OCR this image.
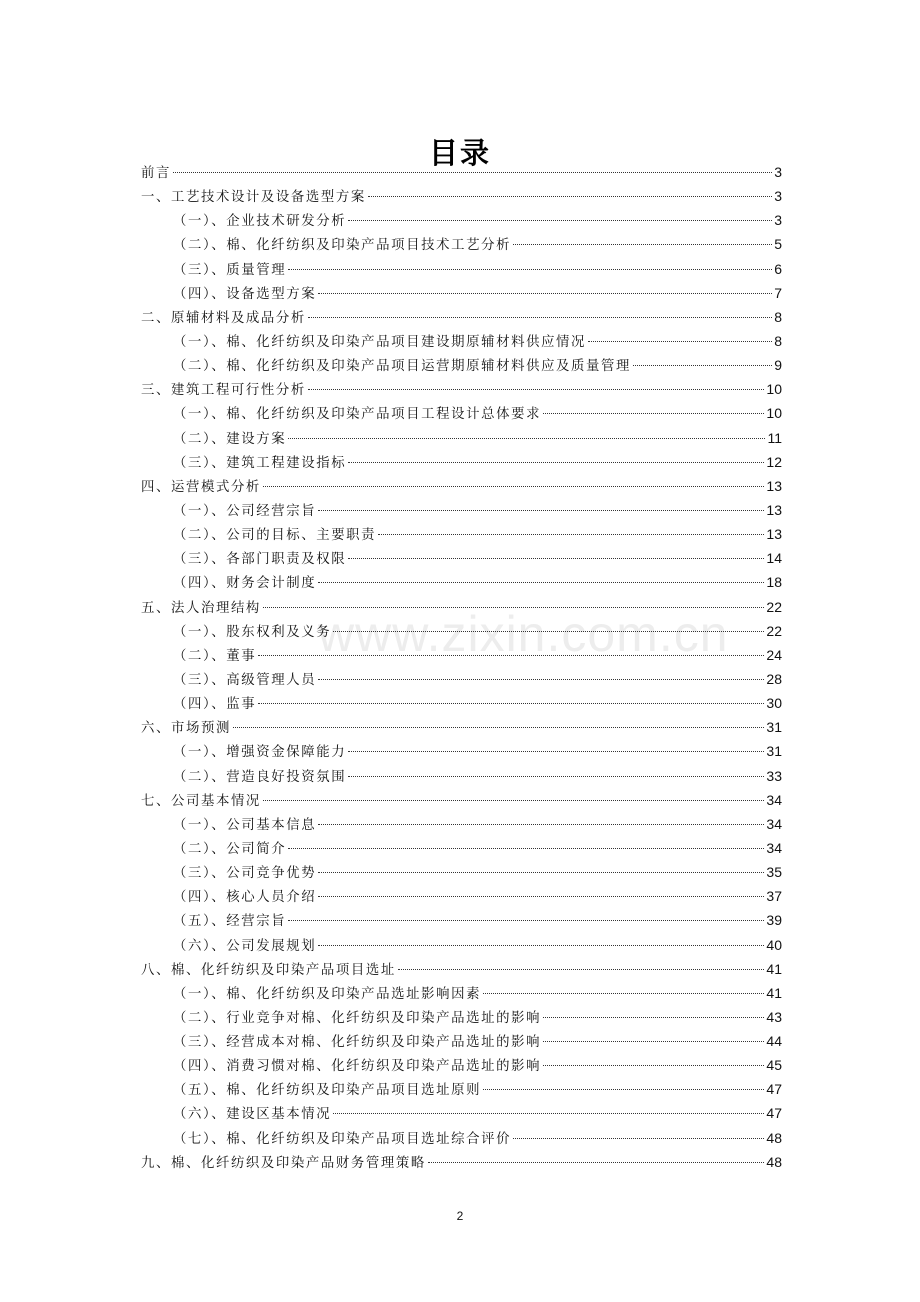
目录
www.zixin.com.cn
前言	3
一、工艺技术设计及设备选型方案	3
（一）、企业技术研发分析	3
（二）、棉、化纤纺织及印染产品项目技术工艺分析	5
（三）、质量管理	6
（四）、设备选型方案	7
二、原辅材料及成品分析	8
（一）、棉、化纤纺织及印染产品项目建设期原辅材料供应情况	8
（二）、棉、化纤纺织及印染产品项目运营期原辅材料供应及质量管理	9
三、建筑工程可行性分析	10
（一）、棉、化纤纺织及印染产品项目工程设计总体要求	10
（二）、建设方案	11
（三）、建筑工程建设指标	12
四、运营模式分析	13
（一）、公司经营宗旨	13
（二）、公司的目标、主要职责	13
（三）、各部门职责及权限	14
（四）、财务会计制度	18
五、法人治理结构	22
（一）、股东权利及义务	22
（二）、董事	24
（三）、高级管理人员	28
（四）、监事	30
六、市场预测	31
（一）、增强资金保障能力	31
（二）、营造良好投资氛围	33
七、公司基本情况	34
（一）、公司基本信息	34
（二）、公司简介	34
（三）、公司竞争优势	35
（四）、核心人员介绍	37
（五）、经营宗旨	39
（六）、公司发展规划	40
八、棉、化纤纺织及印染产品项目选址	41
（一）、棉、化纤纺织及印染产品选址影响因素	41
（二）、行业竞争对棉、化纤纺织及印染产品选址的影响	43
（三）、经营成本对棉、化纤纺织及印染产品选址的影响	44
（四）、消费习惯对棉、化纤纺织及印染产品选址的影响	45
（五）、棉、化纤纺织及印染产品项目选址原则	47
（六）、建设区基本情况	47
（七）、棉、化纤纺织及印染产品项目选址综合评价	48
九、棉、化纤纺织及印染产品财务管理策略	48
2
